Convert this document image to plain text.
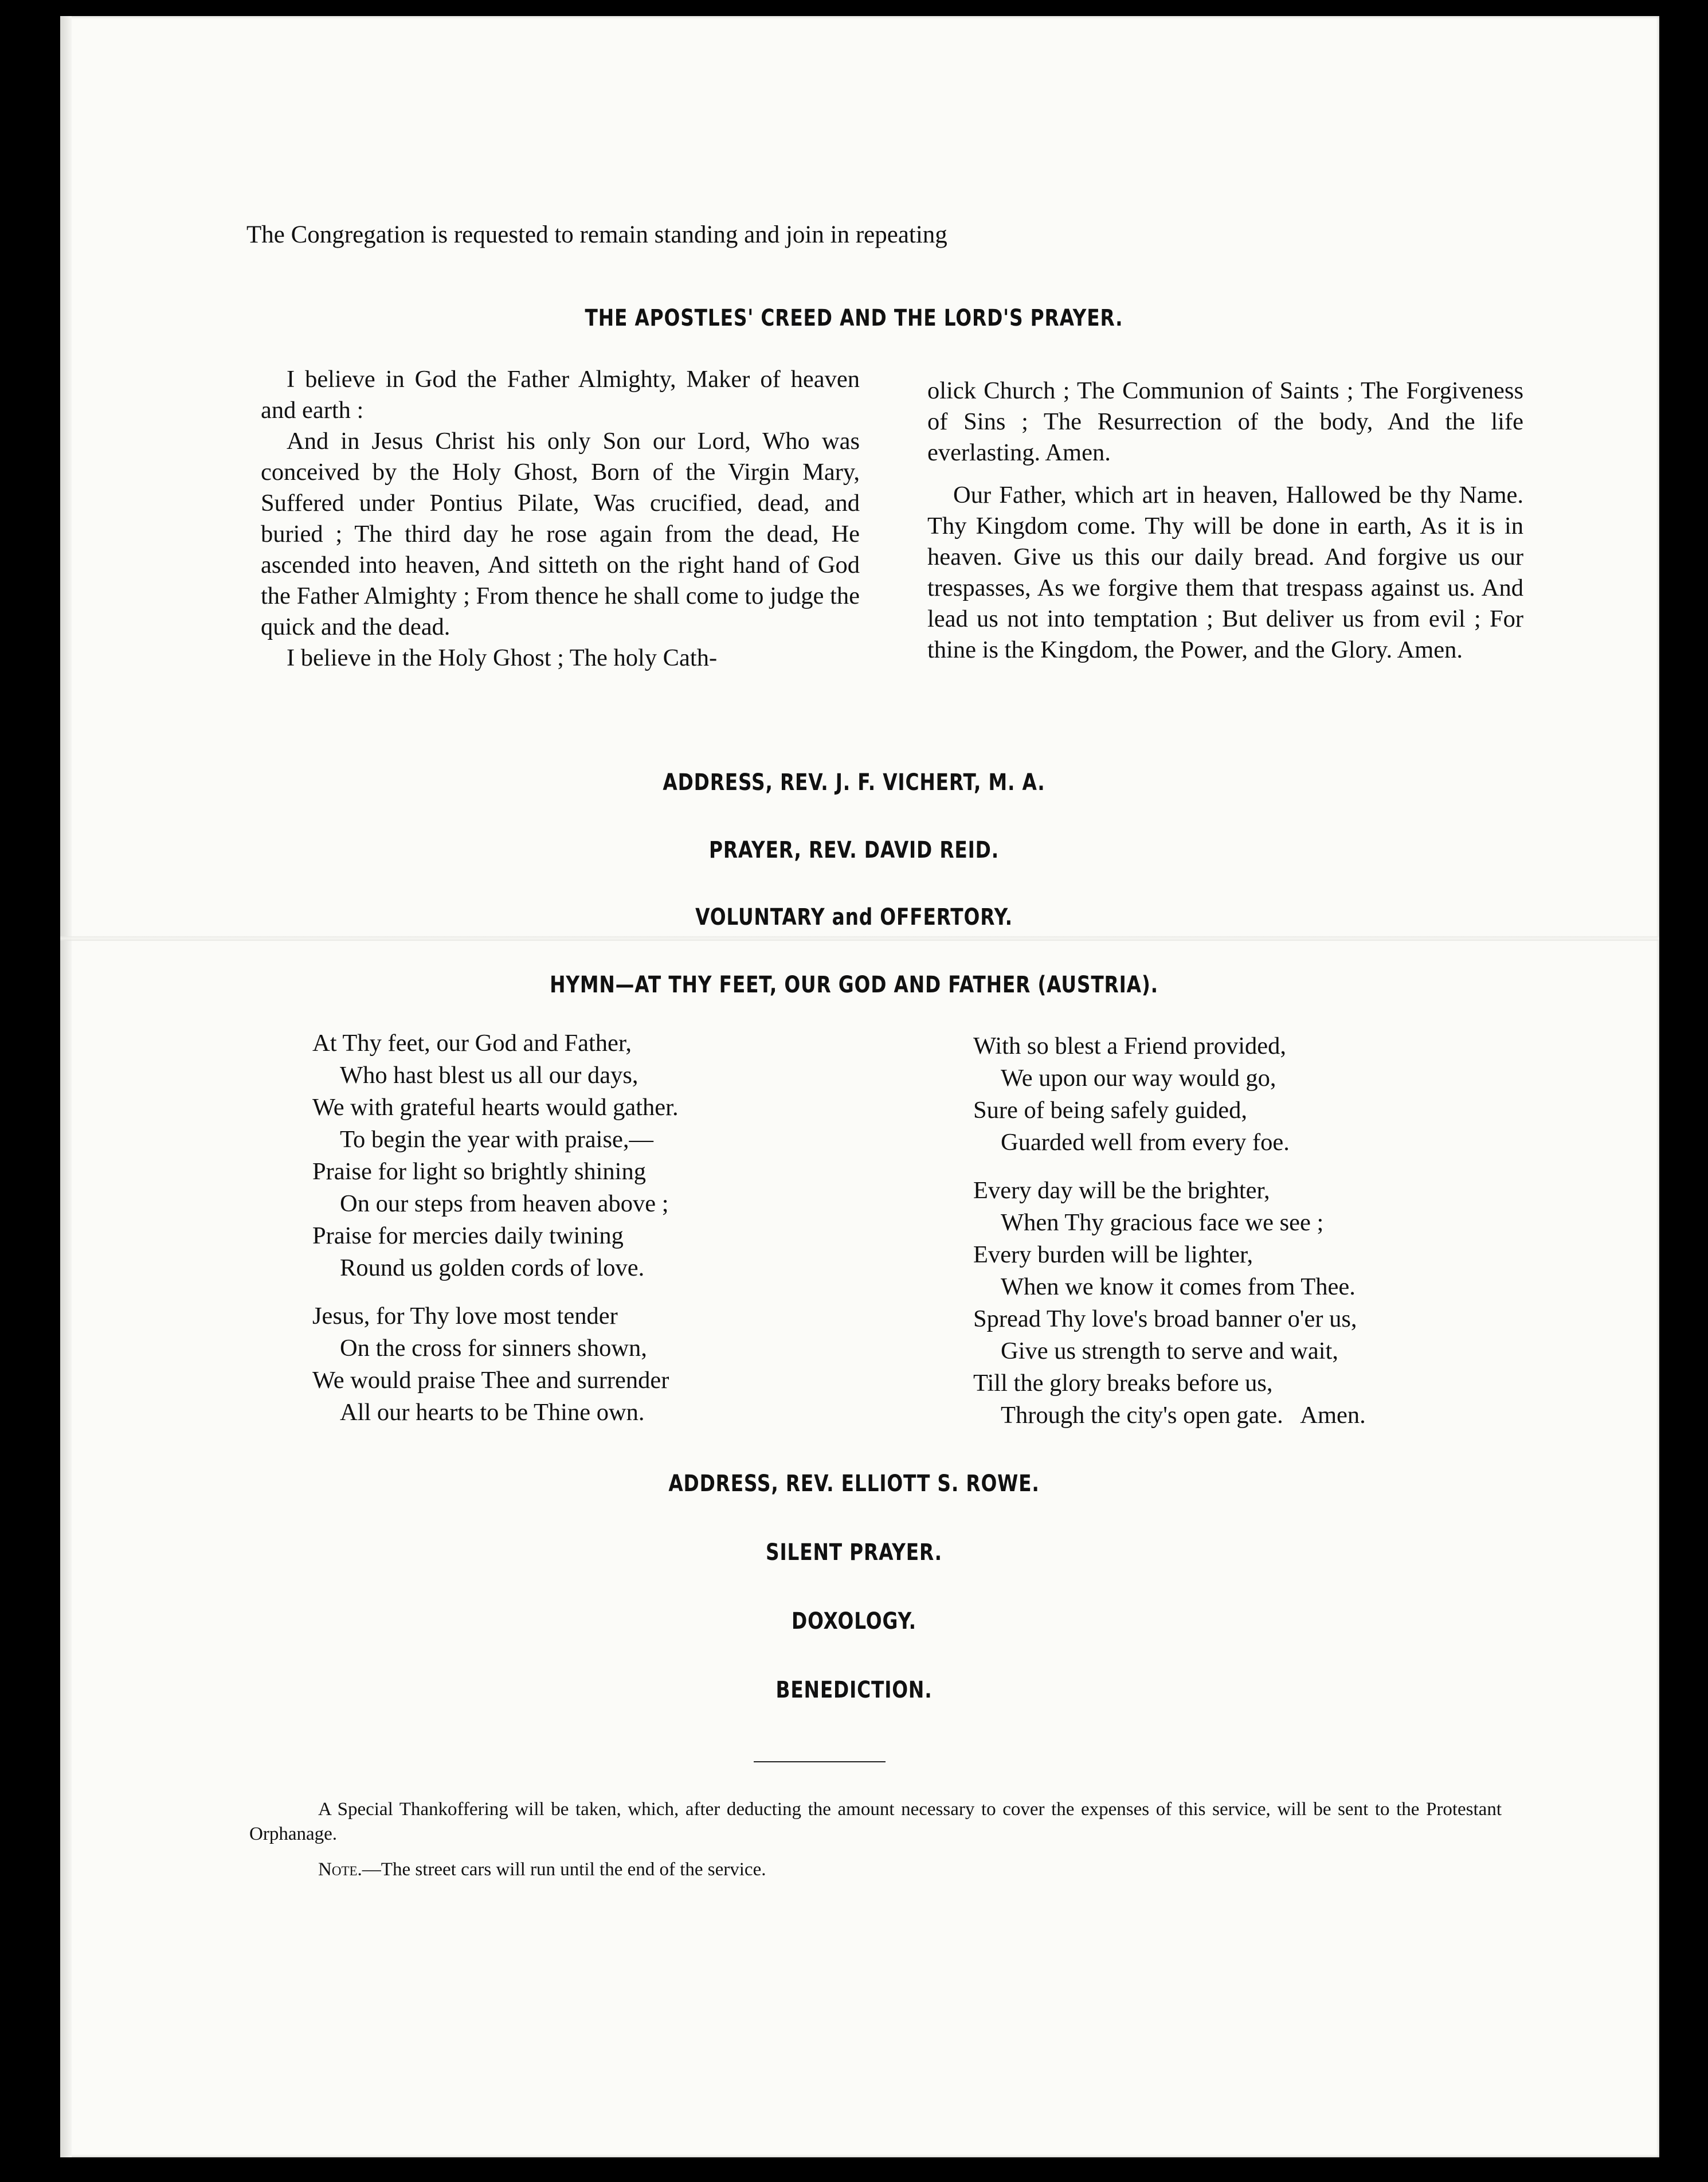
The Congregation is requested to remain standing and join in repeating
THE APOSTLES' CREED AND THE LORD'S PRAYER.

I believe in God the Father Almighty, Maker of heaven and earth :

And in Jesus Christ his only Son our Lord, Who was conceived by the Holy Ghost, Born of the Virgin Mary, Suffered under Pontius Pilate, Was crucified, dead, and buried ; The third day he rose again from the dead, He ascended into heaven, And sitteth on the right hand of God the Father Almighty ; From thence he shall come to judge the quick and the dead.

I believe in the Holy Ghost ; The holy Cath-

olick Church ; The Communion of Saints ; The Forgiveness of Sins ; The Resurrection of the body, And the life everlasting. Amen.

Our Father, which art in heaven, Hallowed be thy Name. Thy Kingdom come. Thy will be done in earth, As it is in heaven. Give us this our daily bread. And forgive us our trespasses, As we forgive them that trespass against us. And lead us not into temptation ; But deliver us from evil ; For thine is the Kingdom, the Power, and the Glory. Amen.

ADDRESS, REV. J. F. VICHERT, M. A.
PRAYER, REV. DAVID REID.
VOLUNTARY and OFFERTORY.
HYMN—AT THY FEET, OUR GOD AND FATHER (AUSTRIA).
At Thy feet, our God and Father,
Who hast blest us all our days,
We with grateful hearts would gather.
To begin the year with praise,—
Praise for light so brightly shining
On our steps from heaven above ;
Praise for mercies daily twining
Round us golden cords of love.
Jesus, for Thy love most tender
On the cross for sinners shown,
We would praise Thee and surrender
All our hearts to be Thine own.
With so blest a Friend provided,
We upon our way would go,
Sure of being safely guided,
Guarded well from every foe.
Every day will be the brighter,
When Thy gracious face we see ;
Every burden will be lighter,
When we know it comes from Thee.
Spread Thy love's broad banner o'er us,
Give us strength to serve and wait,
Till the glory breaks before us,
Through the city's open gate.   Amen.
ADDRESS, REV. ELLIOTT S. ROWE.
SILENT PRAYER.
DOXOLOGY.
BENEDICTION.
A Special Thankoffering will be taken, which, after deducting the amount necessary to cover the expenses of this service, will be sent to the Protestant Orphanage.
Note.—The street cars will run until the end of the service.
